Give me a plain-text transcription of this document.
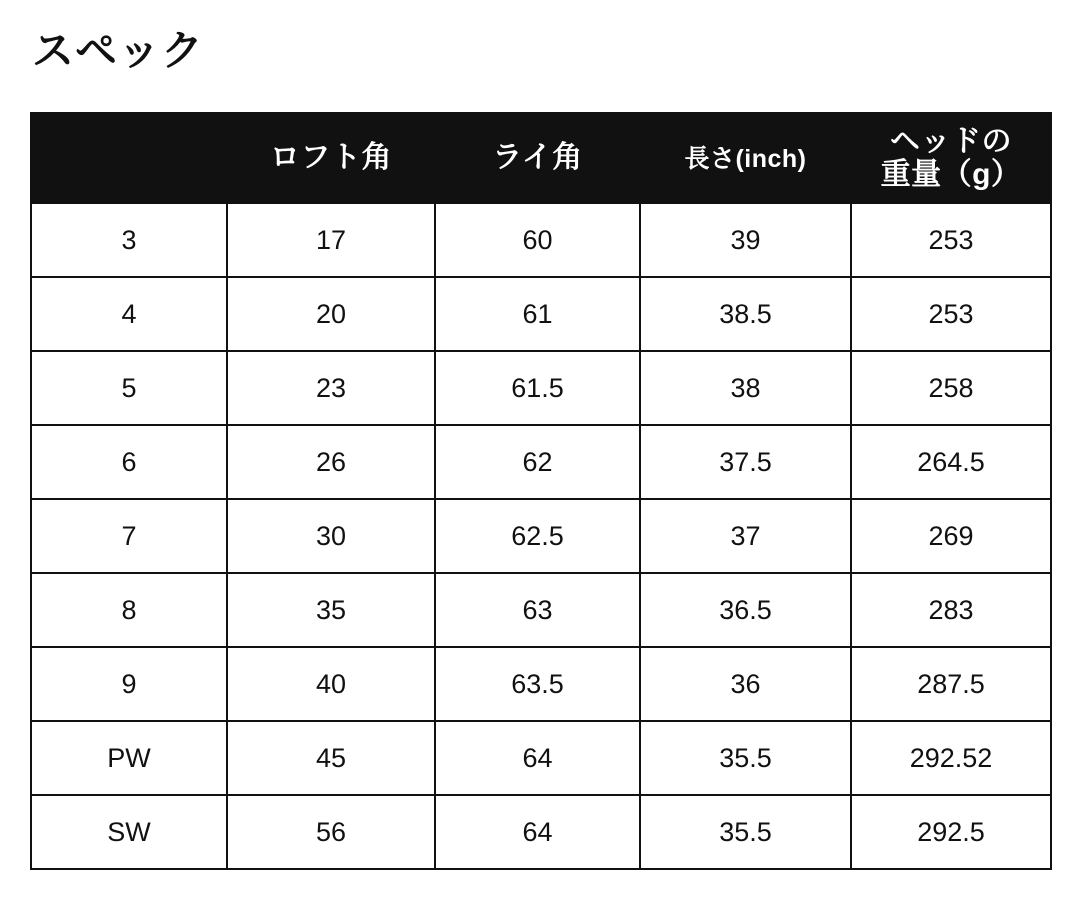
スペック
	ロフト角	ライ角	長さ(inch)	ヘッドの
重量（g）

3	17	60	39	253
4	20	61	38.5	253
5	23	61.5	38	258
6	26	62	37.5	264.5
7	30	62.5	37	269
8	35	63	36.5	283
9	40	63.5	36	287.5
PW	45	64	35.5	292.52
SW	56	64	35.5	292.5
